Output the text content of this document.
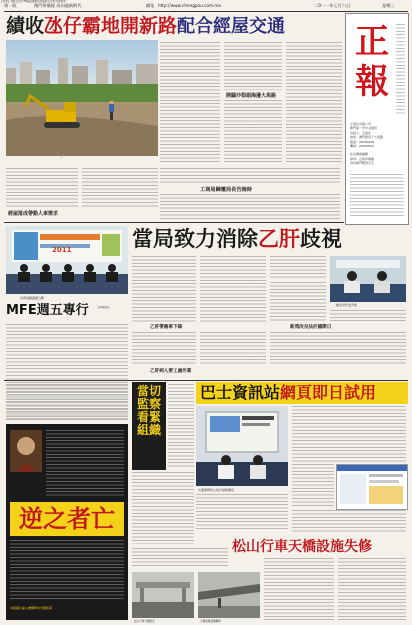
第一版	澳門華僑報 為內地新時代	網址 http://www.chengpou.com.mo	二0一一年七月六日	星期三
績收氹仔霸地開新路配合經屋交通	正報
正報社有限公司
澳門第一份中文報紙
出版人：正報社
地址：澳門殷皇子大馬路
電話：28350000
傳真：28350001
社長兼總編輯
承印：正報印刷廠
每份澳門幣壹元正
—
開闢沙梨頭海邊大馬路
【特訊】為配合氹仔TN區經屋群落成後將衍生的交通需求
經屋落成帶動人車需求
工商局歸覆局長告詢時
當局致力消除乙肝歧視
2011
出席活動嘉賓合影
衛生局代表介紹
乙肝帶菌率下降	新湾改良法於國際日
乙肝病人要工處作業
MFE週五專行	【本報訊】
巴士資訊站網頁即日試用
當切監察看緊組織
逆之者亡
本報圖片輸入機構將向外國報導
交通事務局人員介紹新網頁
松山行車天橋設施失修
松山行車天橋附近	天橋設施需要維修
